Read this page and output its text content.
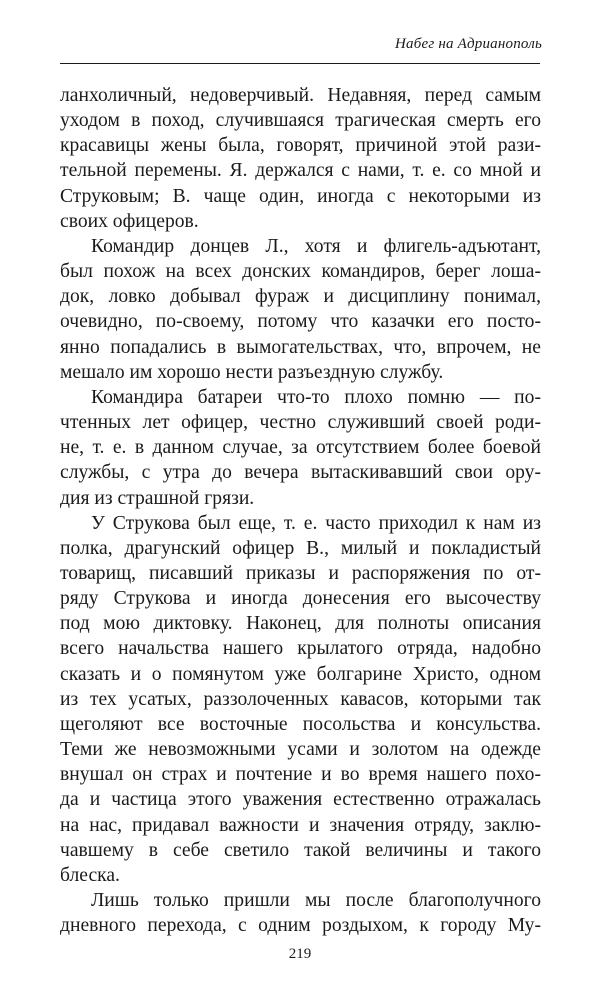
Набег на Адрианополь
ланхоличный, недоверчивый. Недавняя, перед самым
уходом в поход, случившаяся трагическая смерть его
красавицы жены была, говорят, причиной этой рази-
тельной перемены. Я. держался с нами, т. е. со мной и
Струковым; В. чаще один, иногда с некоторыми из
своих офицеров.
Командир донцев Л., хотя и флигель-адъютант,
был похож на всех донских командиров, берег лоша-
док, ловко добывал фураж и дисциплину понимал,
очевидно, по-своему, потому что казачки его посто-
янно попадались в вымогательствах, что, впрочем, не
мешало им хорошо нести разъездную службу.
Командира батареи что-то плохо помню — по-
чтенных лет офицер, честно служивший своей роди-
не, т. е. в данном случае, за отсутствием более боевой
службы, с утра до вечера вытаскивавший свои ору-
дия из страшной грязи.
У Струкова был еще, т. е. часто приходил к нам из
полка, драгунский офицер В., милый и покладистый
товарищ, писавший приказы и распоряжения по от-
ряду Струкова и иногда донесения его высочеству
под мою диктовку. Наконец, для полноты описания
всего начальства нашего крылатого отряда, надобно
сказать и о помянутом уже болгарине Христо, одном
из тех усатых, раззолоченных кавасов, которыми так
щеголяют все восточные посольства и консульства.
Теми же невозможными усами и золотом на одежде
внушал он страх и почтение и во время нашего похо-
да и частица этого уважения естественно отражалась
на нас, придавал важности и значения отряду, заклю-
чавшему в себе светило такой величины и такого
блеска.
Лишь только пришли мы после благополучного
дневного перехода, с одним роздыхом, к городу Му-
219
